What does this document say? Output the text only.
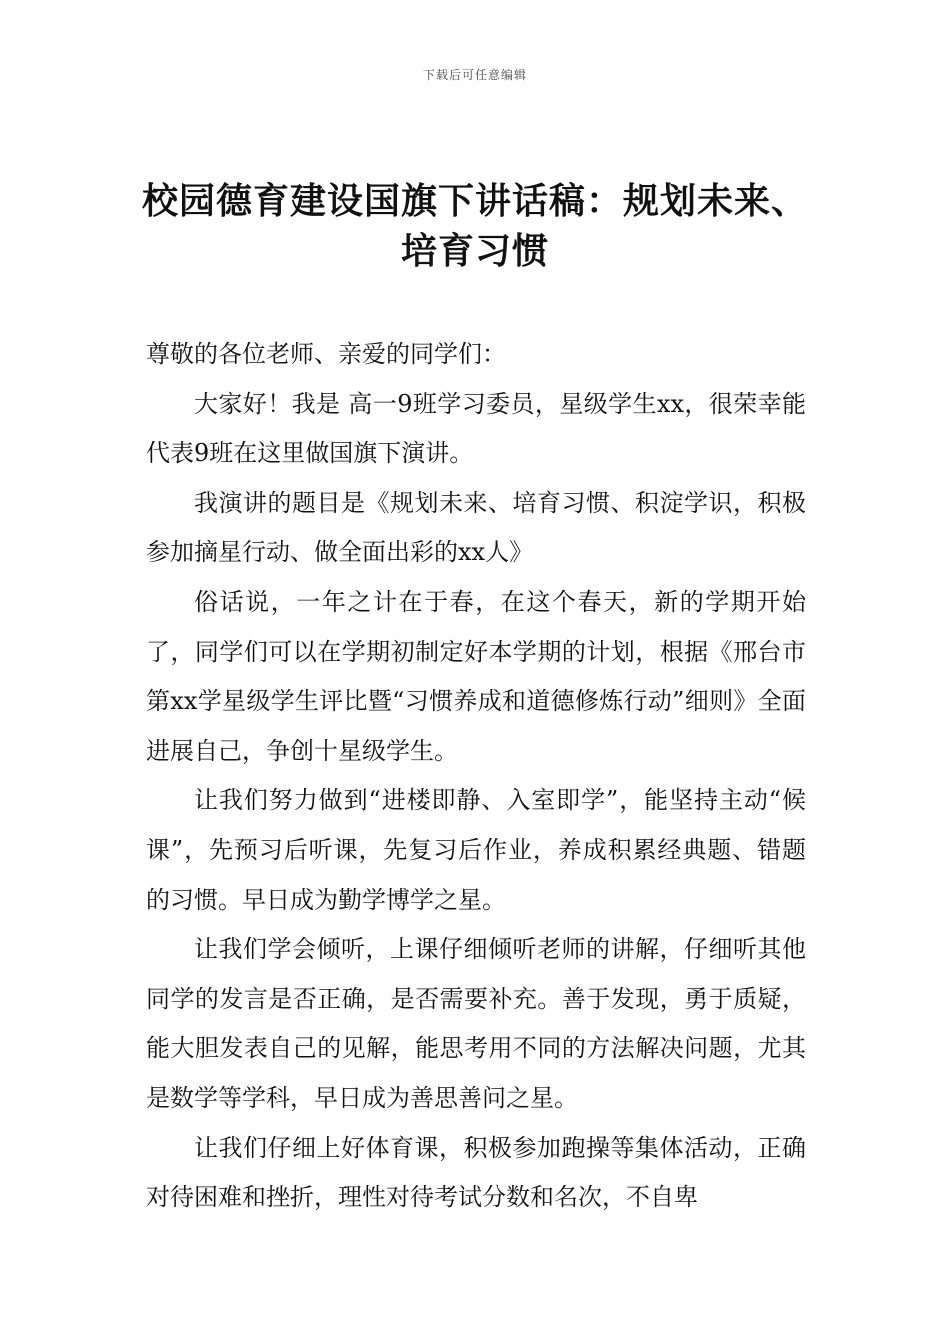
下载后可任意编辑
校园德育建设国旗下讲话稿：规划未来、
培育习惯

尊敬的各位老师、亲爱的同学们：

大家好！我是 高一9班学习委员，星级学生xx，很荣幸能代表9班在这里做国旗下演讲。

我演讲的题目是《规划未来、培育习惯、积淀学识，积极参加摘星行动、做全面出彩的xx人》

俗话说，一年之计在于春，在这个春天，新的学期开始了，同学们可以在学期初制定好本学期的计划，根据《邢台市第xx学星级学生评比暨“习惯养成和道德修炼行动”细则》全面进展自己，争创十星级学生。

让我们努力做到“进楼即静、入室即学”，能坚持主动“候课”，先预习后听课，先复习后作业，养成积累经典题、错题的习惯。早日成为勤学博学之星。

让我们学会倾听，上课仔细倾听老师的讲解，仔细听其他同学的发言是否正确，是否需要补充。善于发现，勇于质疑，能大胆发表自己的见解，能思考用不同的方法解决问题，尤其是数学等学科，早日成为善思善问之星。

让我们仔细上好体育课，积极参加跑操等集体活动，正确对待困难和挫折，理性对待考试分数和名次，不自卑
